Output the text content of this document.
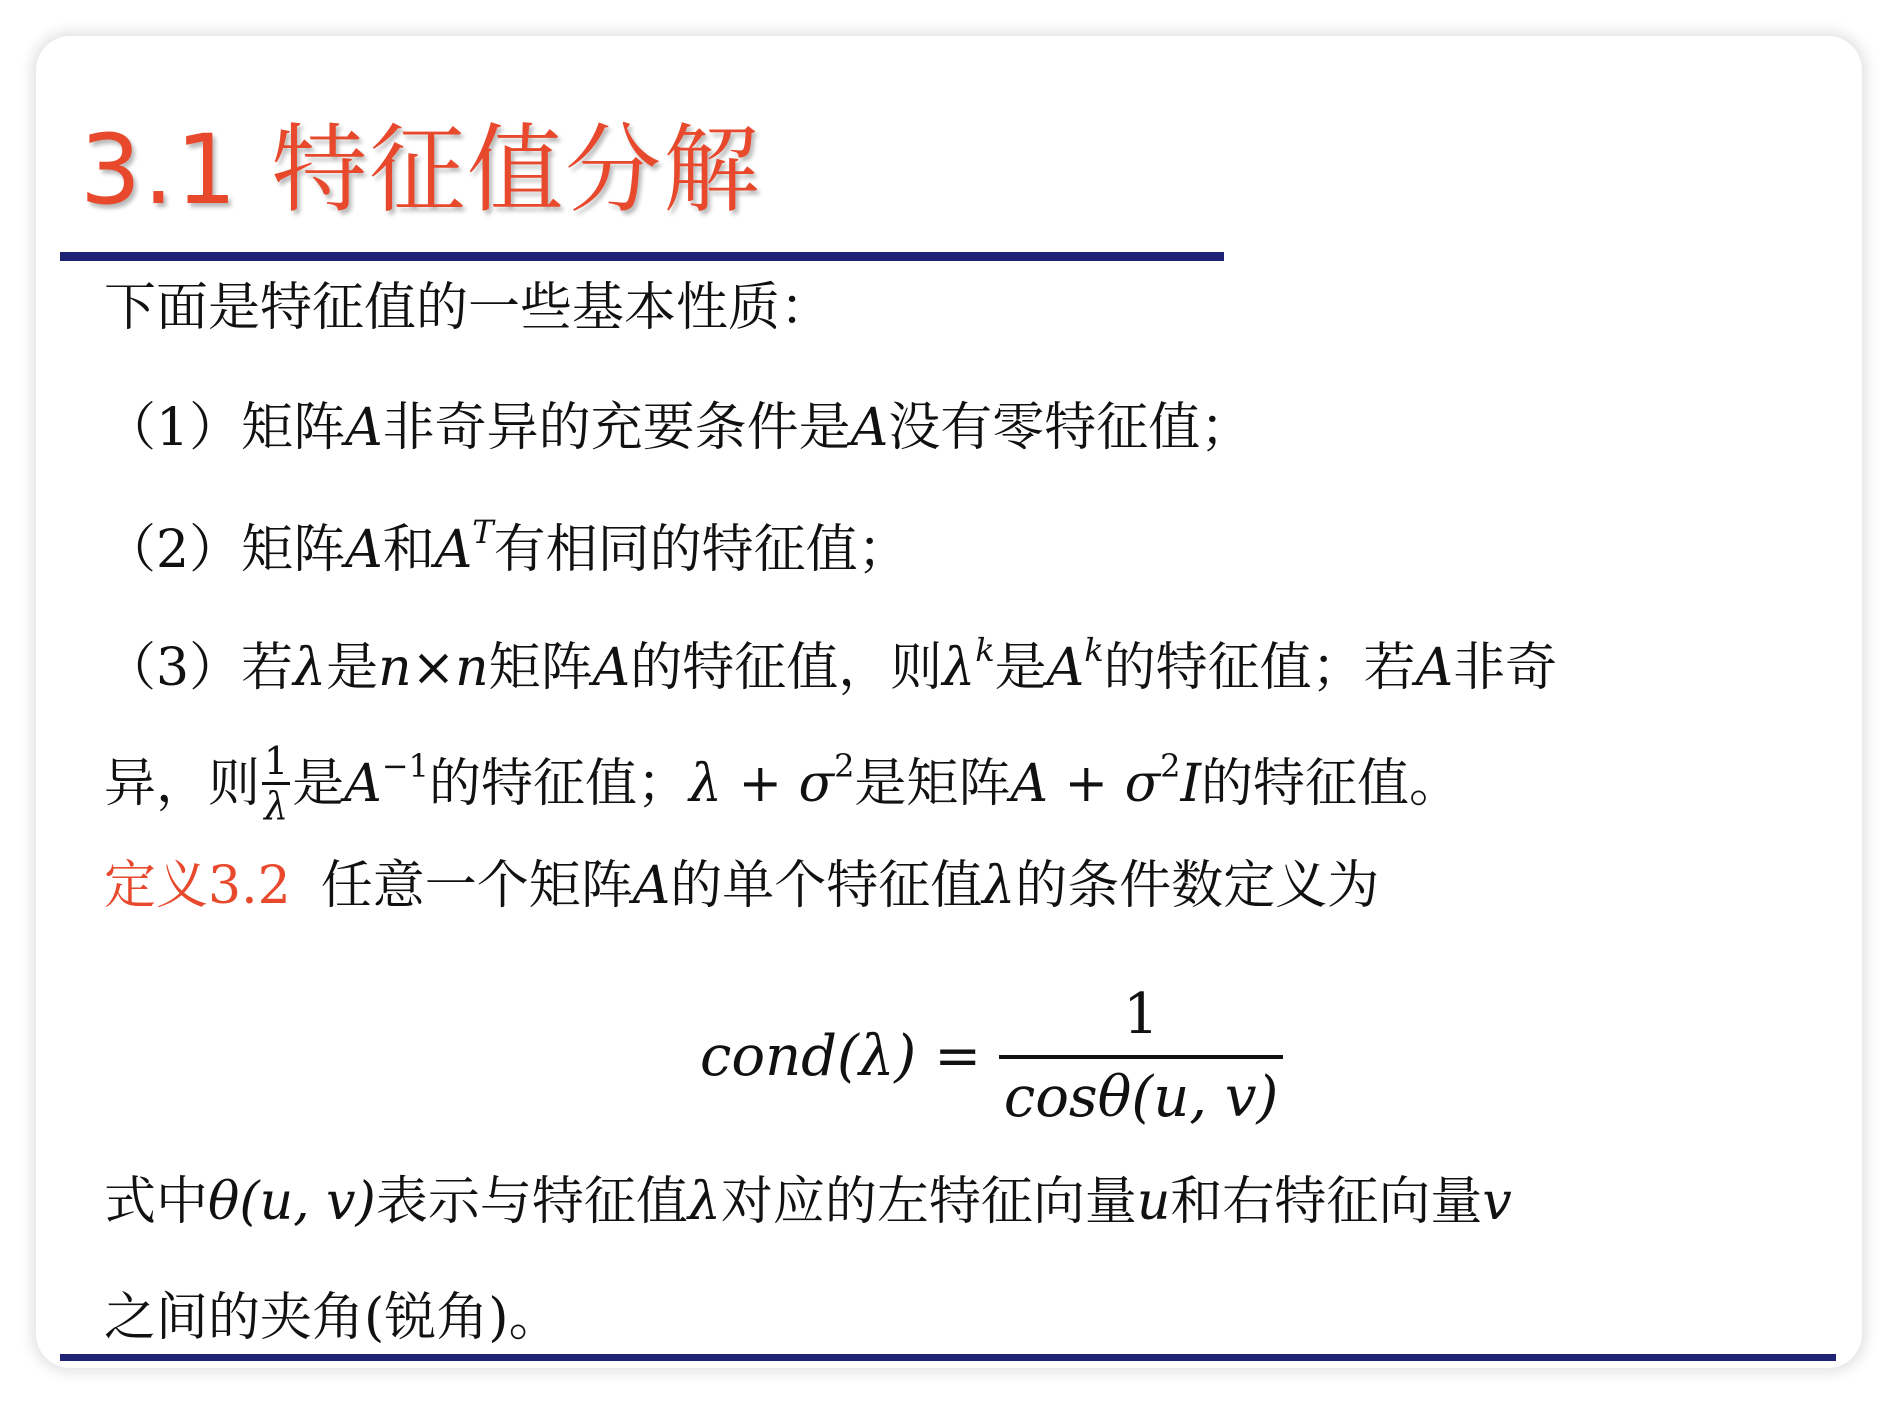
3.1 特征值分解
下面是特征值的一些基本性质：
（1）矩阵A非奇异的充要条件是A没有零特征值；
（2）矩阵A和$A^T$有相同的特征值；
（3）若λ是n×n矩阵A的特征值，则$\lambda^k$是$A^k$的特征值；若A非奇
异，则 $\frac{1}{\lambda}$ 是$A^{-1}$的特征值；$\lambda + \sigma^2$是矩阵$A + \sigma^2I$的特征值。
定义3.2 任意一个矩阵A的单个特征值λ的条件数定义为
cond(λ) =
1
cosθ(u, v)
式中θ(u, v)表示与特征值λ对应的左特征向量u和右特征向量v
之间的夹角(锐角)。
